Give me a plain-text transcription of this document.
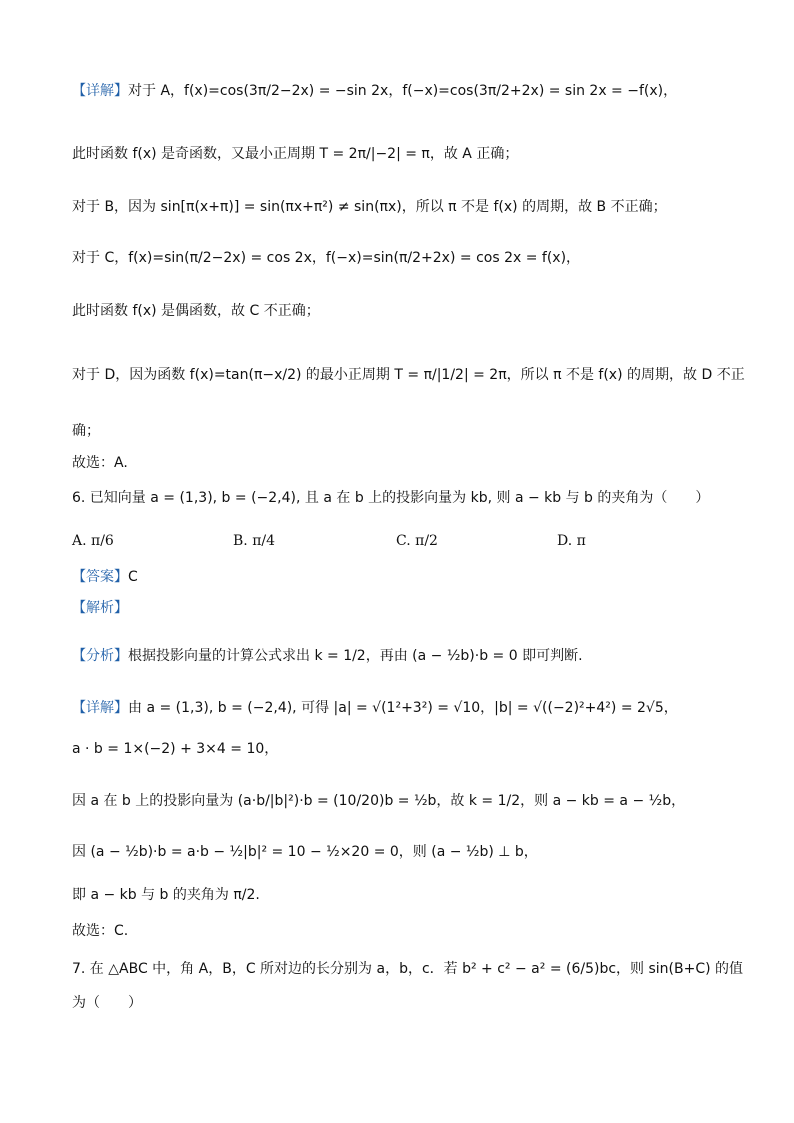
【详解】对于 A，f(x)=cos(3π/2−2x) = −sin 2x，f(−x)=cos(3π/2+2x) = sin 2x = −f(x)，
此时函数 f(x) 是奇函数，又最小正周期 T = 2π/|−2| = π，故 A 正确；
对于 B，因为 sin[π(x+π)] = sin(πx+π²) ≠ sin(πx)，所以 π 不是 f(x) 的周期，故 B 不正确；
对于 C，f(x)=sin(π/2−2x) = cos 2x，f(−x)=sin(π/2+2x) = cos 2x = f(x)，
此时函数 f(x) 是偶函数，故 C 不正确；
对于 D，因为函数 f(x)=tan(π−x/2) 的最小正周期 T = π/|1/2| = 2π，所以 π 不是 f(x) 的周期，故 D 不正
确；
故选：A.
6. 已知向量 a = (1,3), b = (−2,4), 且 a 在 b 上的投影向量为 kb, 则 a − kb 与 b 的夹角为（　　）
A. π/6	B. π/4	C. π/2	D. π
【答案】C
【解析】
【分析】根据投影向量的计算公式求出 k = 1/2，再由 (a − ½b)·b = 0 即可判断.
【详解】由 a = (1,3), b = (−2,4), 可得 |a| = √(1²+3²) = √10，|b| = √((−2)²+4²) = 2√5，
a · b = 1×(−2) + 3×4 = 10，
因 a 在 b 上的投影向量为 (a·b/|b|²)·b = (10/20)b = ½b，故 k = 1/2，则 a − kb = a − ½b，
因 (a − ½b)·b = a·b − ½|b|² = 10 − ½×20 = 0，则 (a − ½b) ⊥ b，
即 a − kb 与 b 的夹角为 π/2.
故选：C.
7. 在 △ABC 中，角 A，B，C 所对边的长分别为 a，b，c．若 b² + c² − a² = (6/5)bc，则 sin(B+C) 的值
为（　　）
